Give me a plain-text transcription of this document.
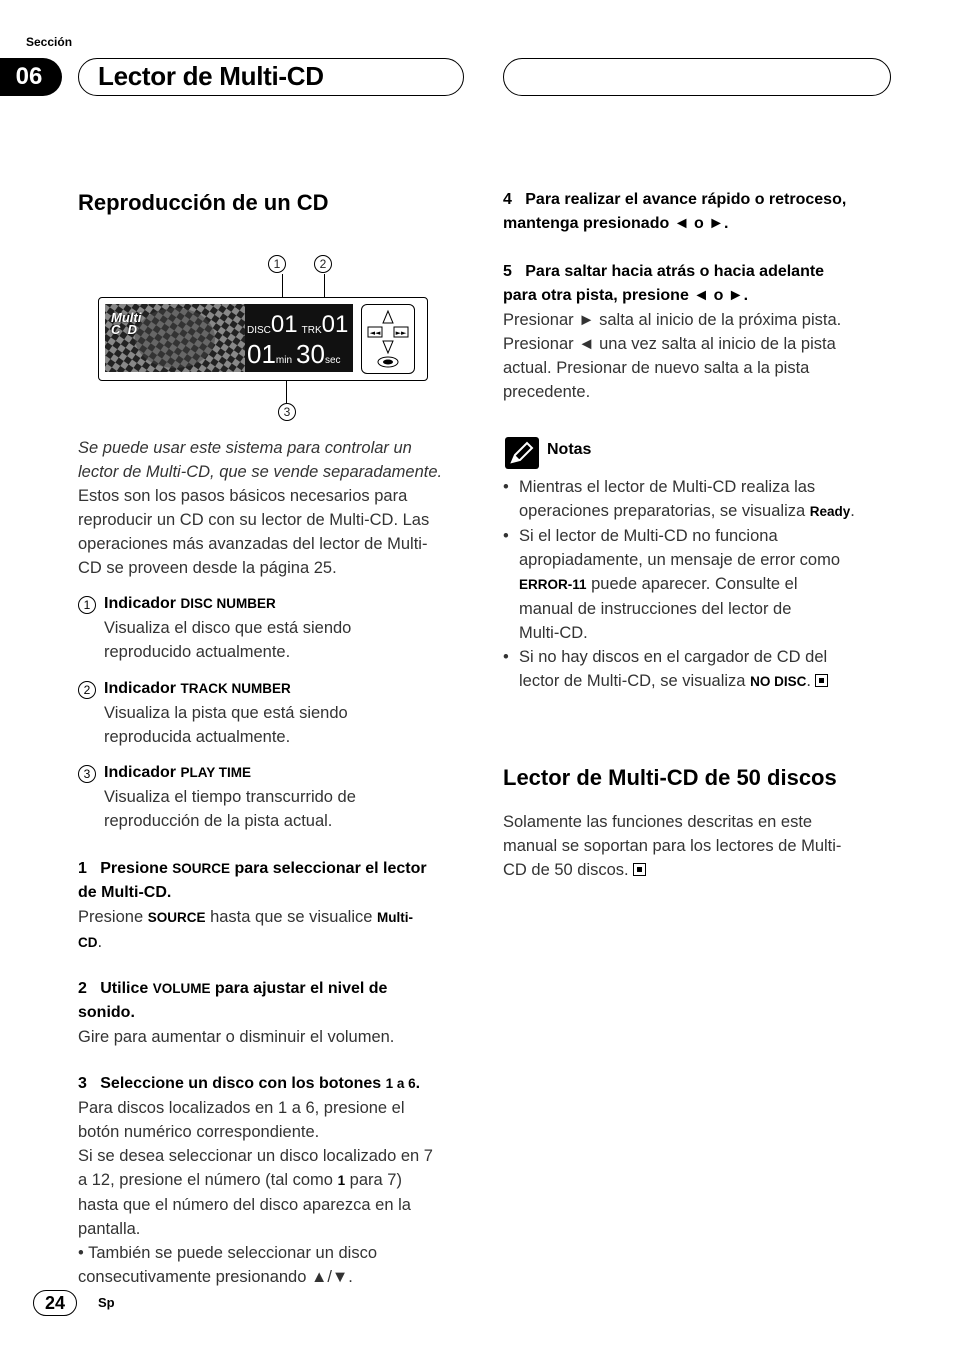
Sección
06	Lector de Multi-CD
Reproducción de un CD
1	2
Multi
C  D	DISC 01 TRK 01
01 min 30 sec
◄◄ ►►
3
Se puede usar este sistema para controlar un
lector de Multi-CD, que se vende separadamente.
Estos son los pasos básicos necesarios para
reproducir un CD con su lector de Multi-CD. Las
operaciones más avanzadas del lector de Multi-
CD se proveen desde la página 25.
1 Indicador DISC NUMBER
Visualiza el disco que está siendo
reproducido actualmente.
2 Indicador TRACK NUMBER
Visualiza la pista que está siendo
reproducida actualmente.
3 Indicador PLAY TIME
Visualiza el tiempo transcurrido de
reproducción de la pista actual.
1 Presione SOURCE para seleccionar el lector
de Multi-CD.
Presione SOURCE hasta que se visualice Multi-
CD.
2 Utilice VOLUME para ajustar el nivel de
sonido.
Gire para aumentar o disminuir el volumen.
3 Seleccione un disco con los botones 1 a 6.
Para discos localizados en 1 a 6, presione el
botón numérico correspondiente.
Si se desea seleccionar un disco localizado en 7
a 12, presione el número (tal como 1 para 7)
hasta que el número del disco aparezca en la
pantalla.
• También se puede seleccionar un disco
consecutivamente presionando ▲/▼.
4 Para realizar el avance rápido o retroceso,
mantenga presionado ◄ o ►.
5 Para saltar hacia atrás o hacia adelante
para otra pista, presione ◄ o ►.
Presionar ► salta al inicio de la próxima pista.
Presionar ◄ una vez salta al inicio de la pista
actual. Presionar de nuevo salta a la pista
precedente.
Notas
• Mientras el lector de Multi-CD realiza las
operaciones preparatorias, se visualiza Ready.
• Si el lector de Multi-CD no funciona
apropiadamente, un mensaje de error como
ERROR-11 puede aparecer. Consulte el
manual de instrucciones del lector de
Multi-CD.
• Si no hay discos en el cargador de CD del
lector de Multi-CD, se visualiza NO DISC.
Lector de Multi-CD de 50 discos
Solamente las funciones descritas en este
manual se soportan para los lectores de Multi-
CD de 50 discos.
24	Sp
